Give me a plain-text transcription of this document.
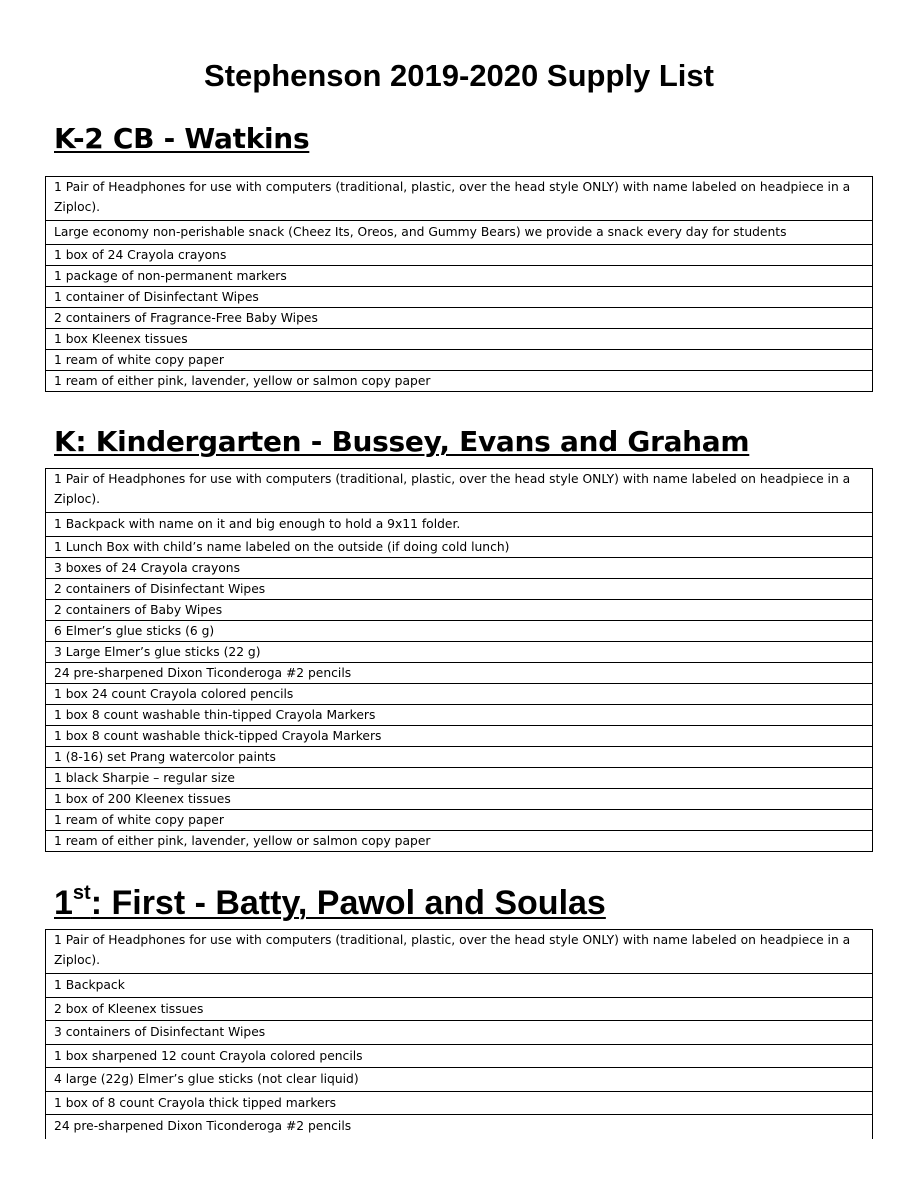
Stephenson 2019-2020 Supply List
K-2 CB - Watkins
1 Pair of Headphones for use with computers (traditional, plastic, over the head style ONLY) with name labeled on headpiece in a Ziploc).
Large economy non-perishable snack (Cheez Its, Oreos, and Gummy Bears) we provide a snack every day for students
1 box of 24 Crayola crayons
1 package of non-permanent markers
1 container of Disinfectant Wipes
2 containers of Fragrance-Free Baby Wipes
1 box Kleenex tissues
1 ream of white copy paper
1 ream of either pink, lavender, yellow or salmon copy paper
K: Kindergarten - Bussey, Evans and Graham
1 Pair of Headphones for use with computers (traditional, plastic, over the head style ONLY) with name labeled on headpiece in a Ziploc).
1 Backpack with name on it and big enough to hold a 9x11 folder.
1 Lunch Box with child’s name labeled on the outside (if doing cold lunch)
3 boxes of 24 Crayola crayons
2 containers of Disinfectant Wipes
2 containers of Baby Wipes
6 Elmer’s glue sticks (6 g)
3 Large Elmer’s glue sticks (22 g)
24 pre-sharpened Dixon Ticonderoga #2 pencils
1 box 24 count Crayola colored pencils
1 box 8 count washable thin-tipped Crayola Markers
1 box 8 count washable thick-tipped Crayola Markers
1 (8-16) set Prang watercolor paints
1 black Sharpie – regular size
1 box of 200 Kleenex tissues
1 ream of white copy paper
1 ream of either pink, lavender, yellow or salmon copy paper
1st: First - Batty, Pawol and Soulas
1 Pair of Headphones for use with computers (traditional, plastic, over the head style ONLY) with name labeled on headpiece in a Ziploc).
1 Backpack
2 box of Kleenex tissues
3 containers of Disinfectant Wipes
1 box sharpened 12 count Crayola colored pencils
4 large (22g) Elmer’s glue sticks (not clear liquid)
1 box of 8 count Crayola thick tipped markers
24 pre-sharpened Dixon Ticonderoga #2 pencils
